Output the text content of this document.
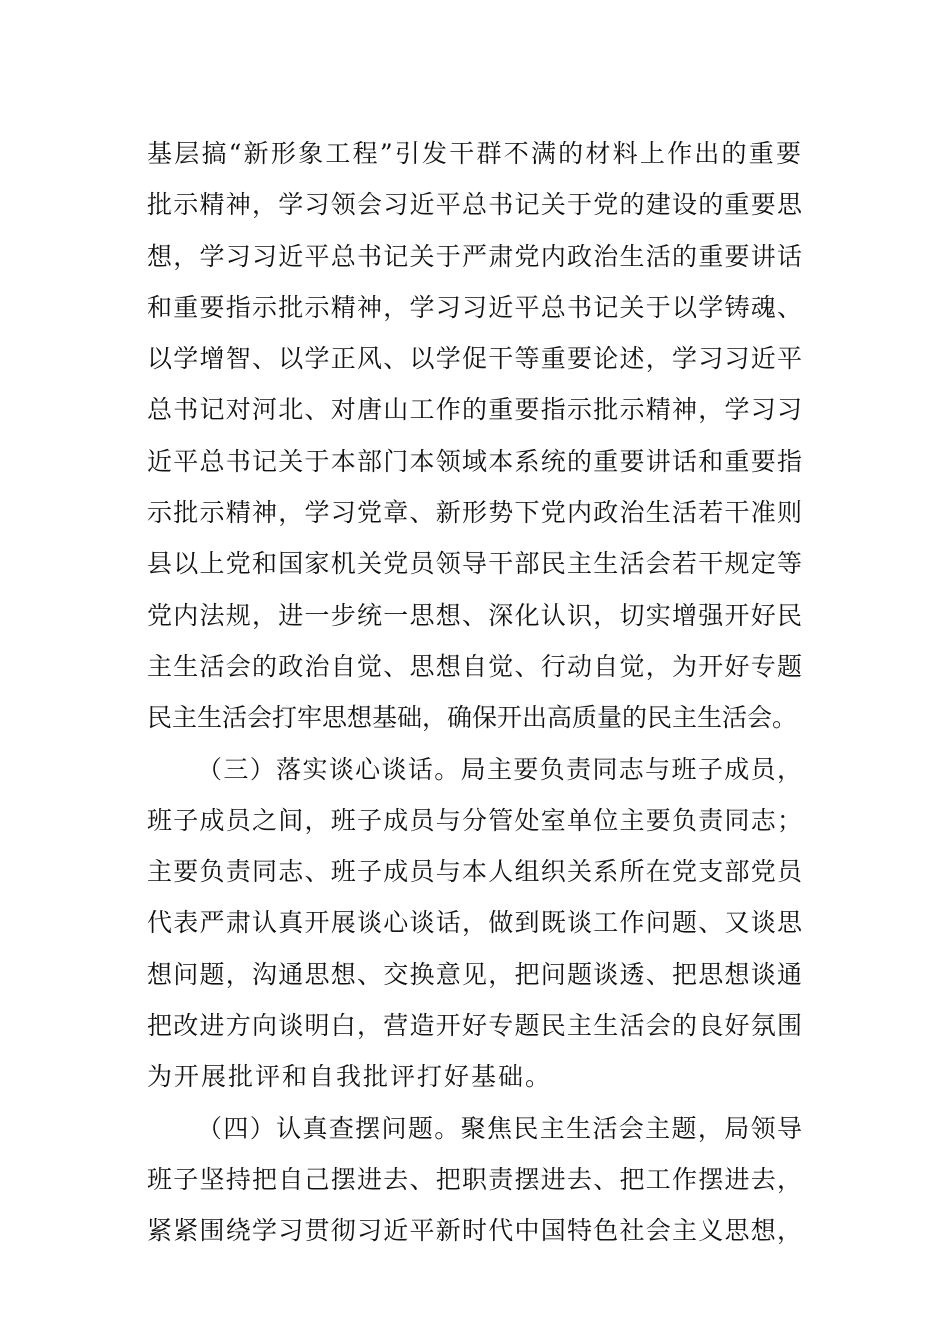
基层搞“新形象工程”引发干群不满的材料上作出的重要
批示精神，学习领会习近平总书记关于党的建设的重要思
想，学习习近平总书记关于严肃党内政治生活的重要讲话
和重要指示批示精神，学习习近平总书记关于以学铸魂、
以学增智、以学正风、以学促干等重要论述，学习习近平
总书记对河北、对唐山工作的重要指示批示精神，学习习
近平总书记关于本部门本领域本系统的重要讲话和重要指
示批示精神，学习党章、新形势下党内政治生活若干准则
县以上党和国家机关党员领导干部民主生活会若干规定等
党内法规，进一步统一思想、深化认识，切实增强开好民
主生活会的政治自觉、思想自觉、行动自觉，为开好专题
民主生活会打牢思想基础，确保开出高质量的民主生活会。
（三）落实谈心谈话。局主要负责同志与班子成员，
班子成员之间，班子成员与分管处室单位主要负责同志；
主要负责同志、班子成员与本人组织关系所在党支部党员
代表严肃认真开展谈心谈话，做到既谈工作问题、又谈思
想问题，沟通思想、交换意见，把问题谈透、把思想谈通
把改进方向谈明白，营造开好专题民主生活会的良好氛围
为开展批评和自我批评打好基础。
（四）认真查摆问题。聚焦民主生活会主题，局领导
班子坚持把自己摆进去、把职责摆进去、把工作摆进去，
紧紧围绕学习贯彻习近平新时代中国特色社会主义思想，
